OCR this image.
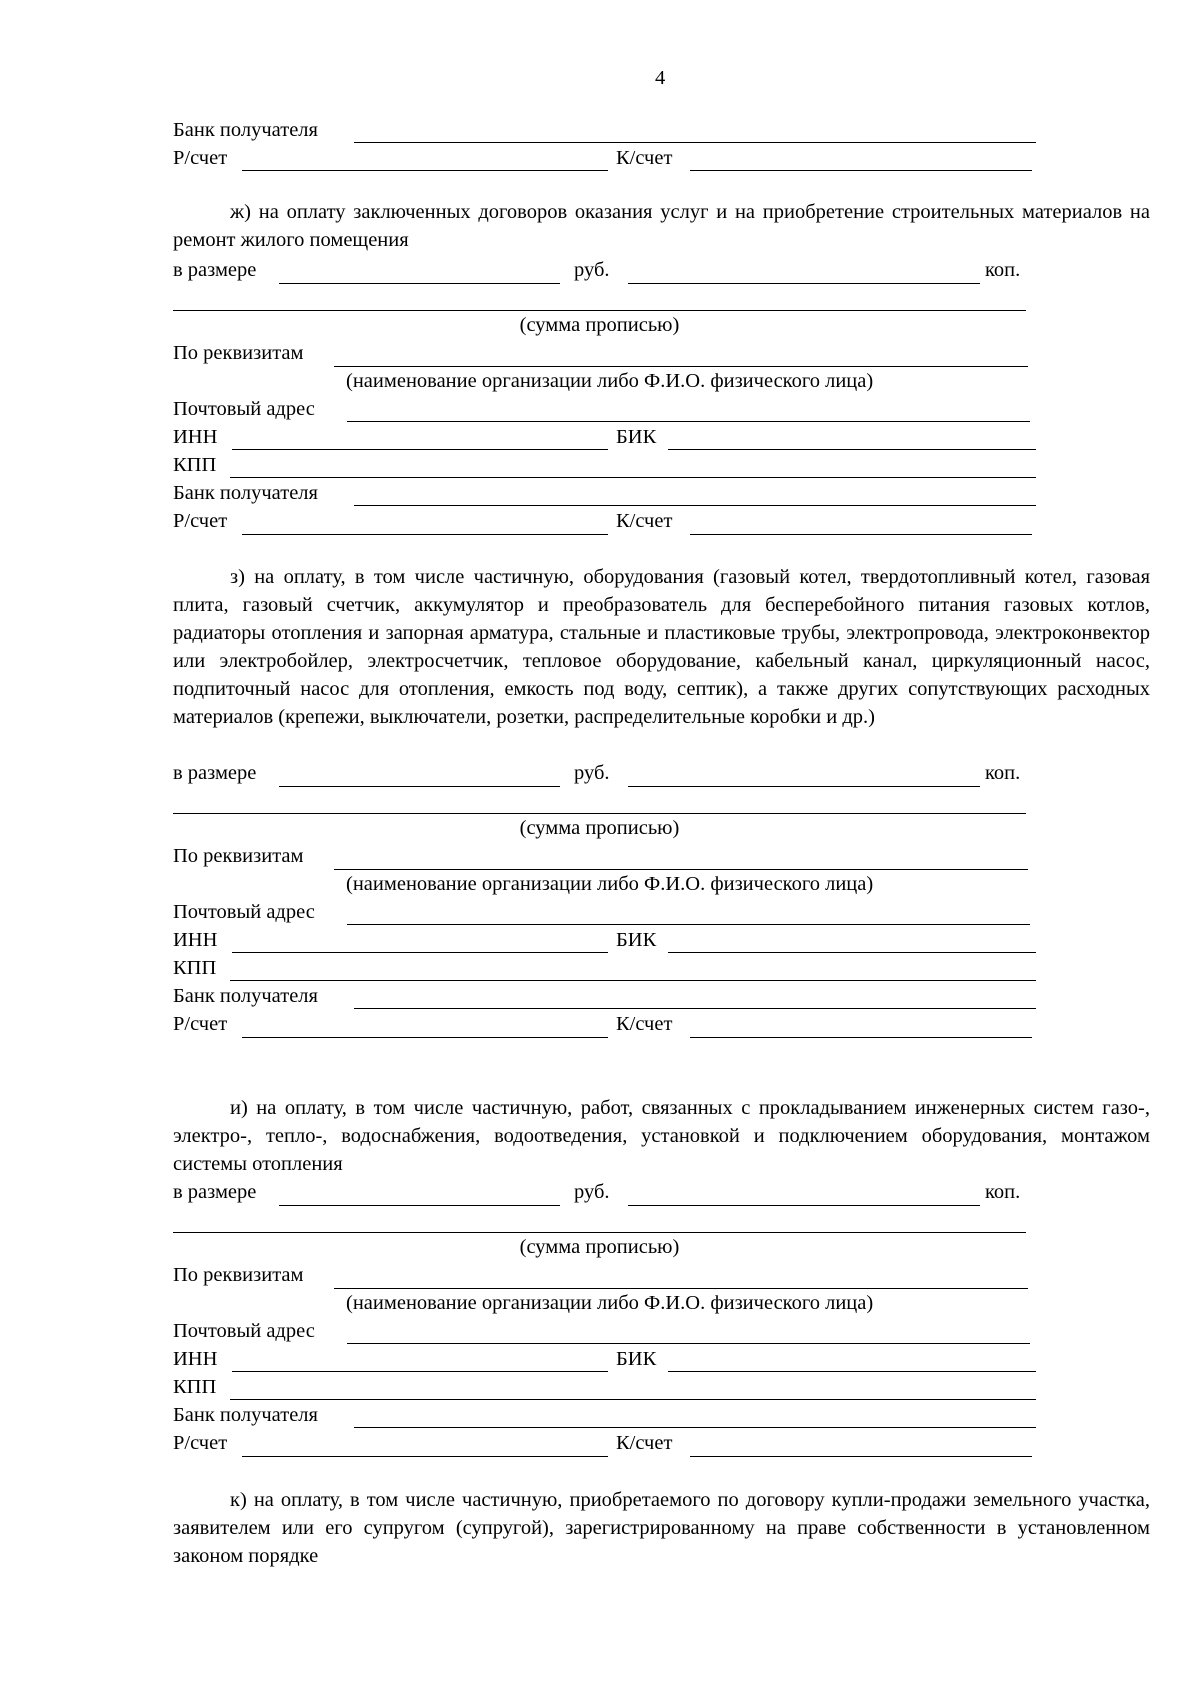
4
Банк получателя
Р/счет	К/счет
ж) на оплату заключенных договоров оказания услуг и на приобретение строительных материалов на ремонт жилого помещения
в размере	руб.	коп.
(сумма прописью)
По реквизитам
(наименование организации либо Ф.И.О. физического лица)
Почтовый адрес
ИНН	БИК
КПП
Банк получателя
Р/счет	К/счет
з) на оплату, в том числе частичную, оборудования (газовый котел, твердотопливный котел, газовая плита, газовый счетчик, аккумулятор и преобразователь для бесперебойного питания газовых котлов, радиаторы отопления и запорная арматура, стальные и пластиковые трубы, электропровода, электроконвектор или электробойлер, электросчетчик, тепловое оборудование, кабельный канал, циркуляционный насос, подпиточный насос для отопления, емкость под воду, септик), а также других сопутствующих расходных материалов (крепежи, выключатели, розетки, распределительные коробки и др.)
в размере	руб.	коп.
(сумма прописью)
По реквизитам
(наименование организации либо Ф.И.О. физического лица)
Почтовый адрес
ИНН	БИК
КПП
Банк получателя
Р/счет	К/счет
и) на оплату, в том числе частичную, работ, связанных с прокладыванием инженерных систем газо-, электро-, тепло-, водоснабжения, водоотведения, установкой и подключением оборудования, монтажом системы отопления
в размере	руб.	коп.
(сумма прописью)
По реквизитам
(наименование организации либо Ф.И.О. физического лица)
Почтовый адрес
ИНН	БИК
КПП
Банк получателя
Р/счет	К/счет
к) на оплату, в том числе частичную, приобретаемого по договору купли-продажи земельного участка, заявителем или его супругом (супругой), зарегистрированному на праве собственности в установленном законом порядке
